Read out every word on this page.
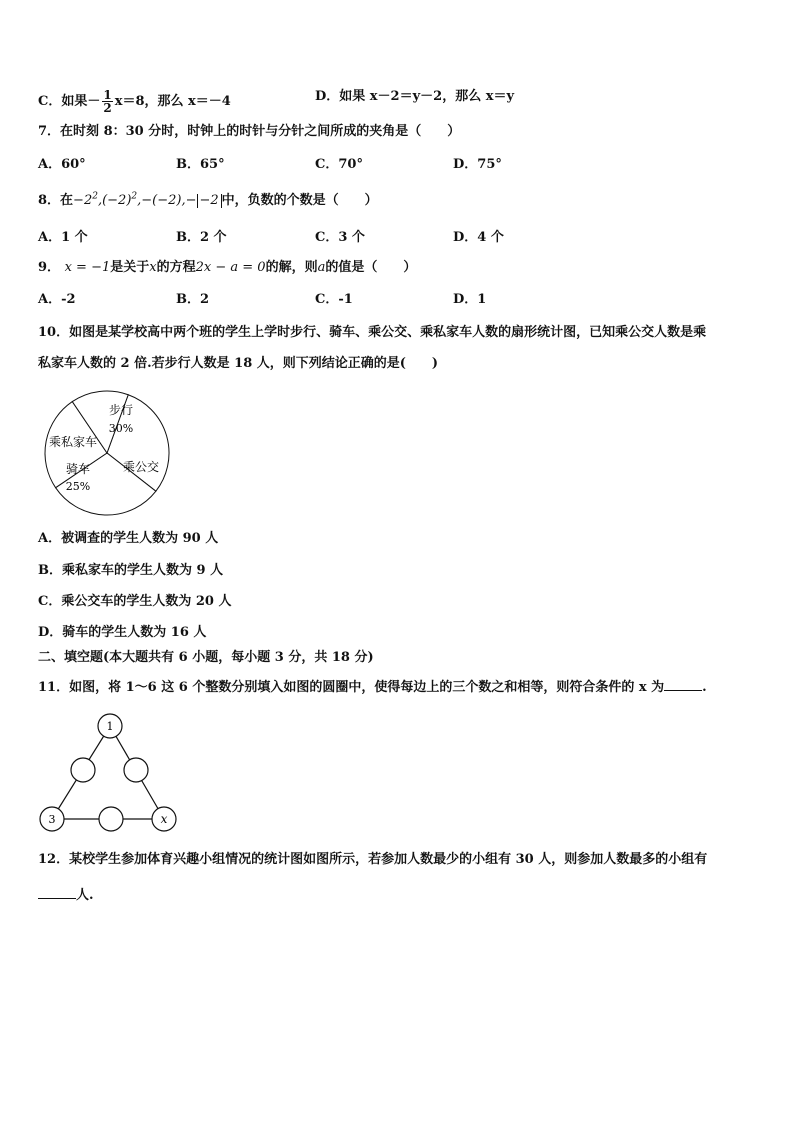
C．如果－ $\frac{1}{2} x=8$，那么 x＝－4	D．如果 x－2＝y－2，那么 x＝y
7．在时刻 8：30 分时，时钟上的时针与分针之间所成的夹角是（　　）
A．60°	B．65°	C．70°	D．75°
8．在$-2^2,(-2)^2,-(-2),- -2$ 中，负数的个数是（　　）
A．1 个	B．2 个	C．3 个	D．4 个
9． x = −1是关于x的方程2x − a = 0的解，则a的值是（　　）
A．-2	B．2	C．-1	D．1
10．如图是某学校高中两个班的学生上学时步行、骑车、乘公交、乘私家车人数的扇形统计图，已知乘公交人数是乘
私家车人数的 2 倍.若步行人数是 18 人，则下列结论正确的是(　　)
步行
30%
乘私家车
骑车
25%
乘公交
A．被调查的学生人数为 90 人
B．乘私家车的学生人数为 9 人
C．乘公交车的学生人数为 20 人
D．骑车的学生人数为 16 人
二、填空题(本大题共有 6 小题，每小题 3 分，共 18 分)
11．如图，将 1～6 这 6 个整数分别填入如图的圆圈中，使得每边上的三个数之和相等，则符合条件的 x 为	.
1
3	x
12．某校学生参加体育兴趣小组情况的统计图如图所示，若参加人数最少的小组有 30 人，则参加人数最多的小组有
人.
